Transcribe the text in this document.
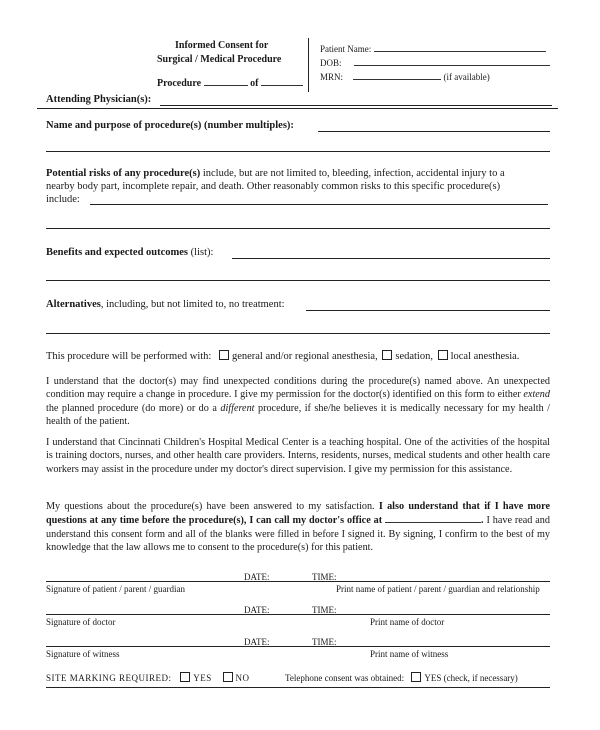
Informed Consent for
Surgical / Medical Procedure
Procedure	of
Patient Name:
DOB:
MRN:	(if available)
Attending Physician(s):
Name and purpose of procedure(s) (number multiples):
Potential risks of any procedure(s) include, but are not limited to, bleeding, infection, accidental injury to a
nearby body part, incomplete repair, and death. Other reasonably common risks to this specific procedure(s)
include:
Benefits and expected outcomes (list):
Alternatives, including, but not limited to, no treatment:
This procedure will be performed with: general and/or regional anesthesia, sedation, local anesthesia.
I understand that the doctor(s) may find unexpected conditions during the procedure(s) named above. An unexpected condition may require a change in procedure. I give my permission for the doctor(s) identified on this form to either extend the planned procedure (do more) or do a different procedure, if she/he believes it is medically necessary for my health / health of the patient.
I understand that Cincinnati Children's Hospital Medical Center is a teaching hospital. One of the activities of the hospital is training doctors, nurses, and other health care providers. Interns, residents, nurses, medical students and other health care workers may assist in the procedure under my doctor's direct supervision. I give my permission for this assistance.
My questions about the procedure(s) have been answered to my satisfaction. I also understand that if I have more questions at any time before the procedure(s), I can call my doctor's office at	. I have read and understand this consent form and all of the blanks were filled in before I signed it. By signing, I confirm to the best of my knowledge that the law allows me to consent to the procedure(s) for this patient.
DATE:	TIME:
Signature of patient / parent / guardian	Print name of patient / parent / guardian and relationship
DATE:	TIME:
Signature of doctor	Print name of doctor
DATE:	TIME:
Signature of witness	Print name of witness
SITE MARKING REQUIRED: YES	NO	Telephone consent was obtained: YES (check, if necessary)
